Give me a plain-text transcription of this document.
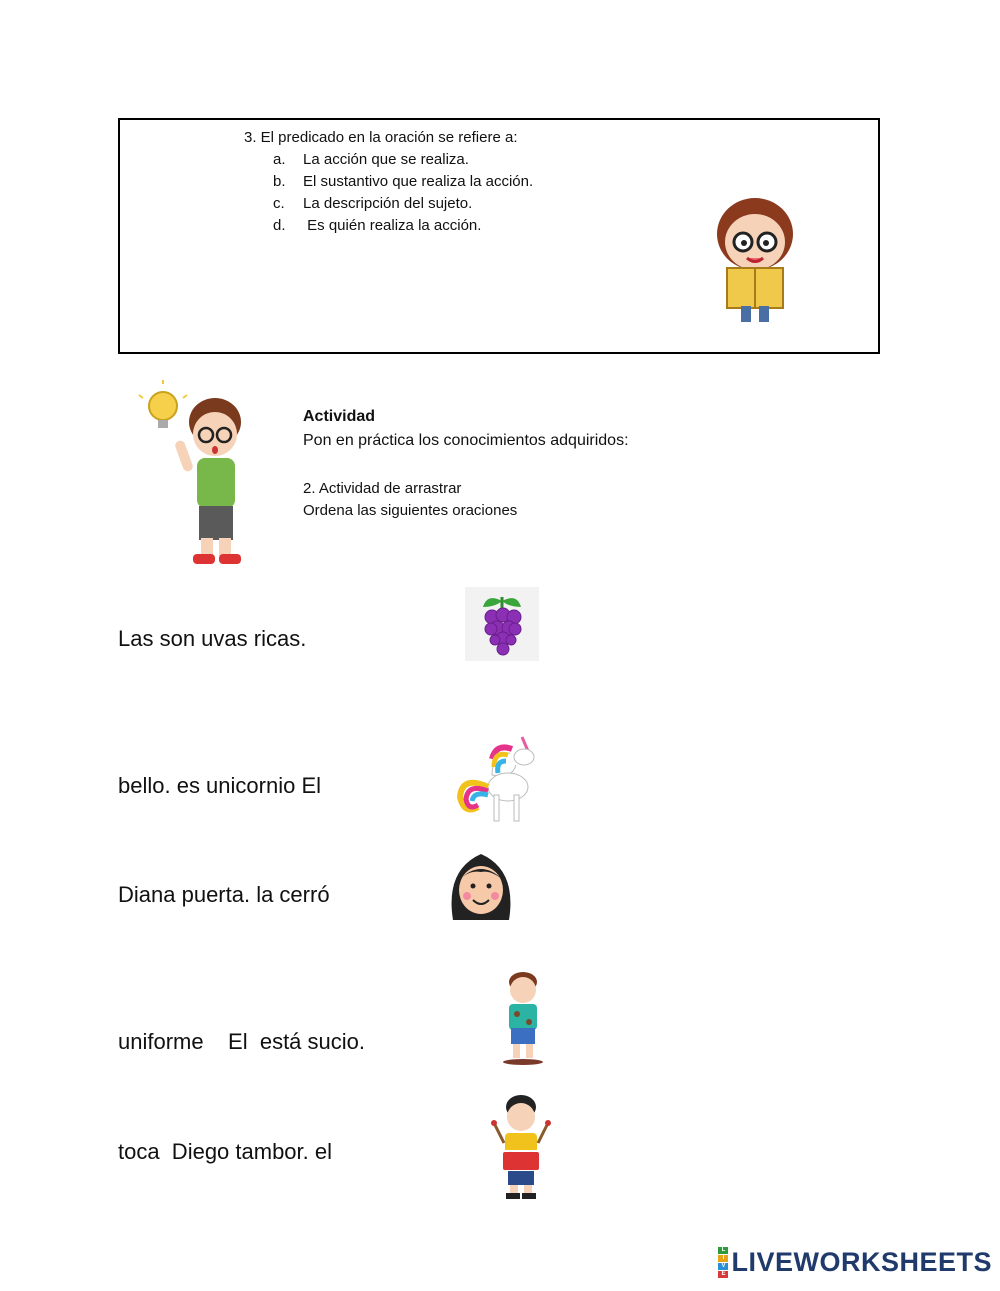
3. El predicado en la oración se refiere a:
a. La acción que se realiza.
b. El sustantivo que realiza la acción.
c. La descripción del sujeto.
d. Es quién realiza la acción.
Actividad
Pon en práctica los conocimientos adquiridos:
2. Actividad de arrastrar
Ordena las siguientes oraciones
Las son uvas ricas.
bello. es unicornio El
Diana puerta. la cerró
uniforme    El  está sucio.
toca  Diego tambor. el
L
I
V
E LIVEWORKSHEETS
